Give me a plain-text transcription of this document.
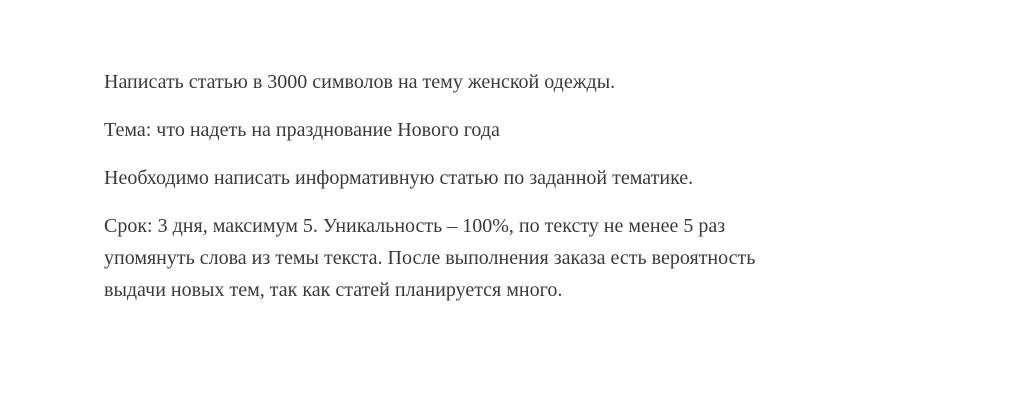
Написать статью в 3000 символов на тему женской одежды.

Тема: что надеть на празднование Нового года

Необходимо написать информативную статью по заданной тематике.

Срок: 3 дня, максимум 5. Уникальность – 100%, по тексту не менее 5 раз
упомянуть слова из темы текста. После выполнения заказа есть вероятность
выдачи новых тем, так как статей планируется много.
